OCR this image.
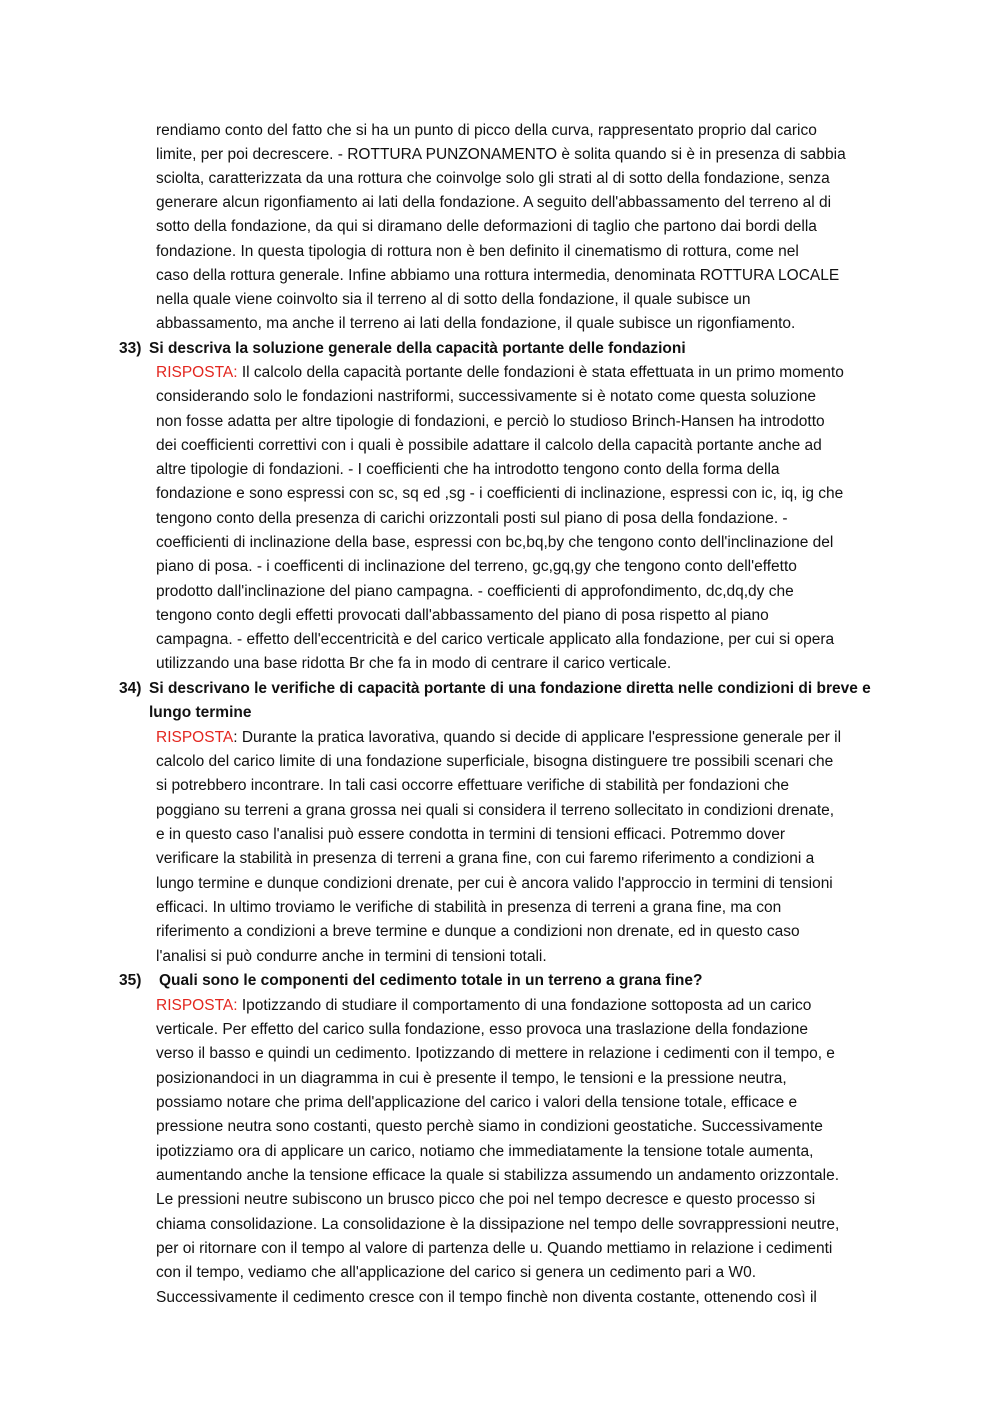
rendiamo conto del fatto che si ha un punto di picco della curva, rappresentato proprio dal carico
limite, per poi decrescere. - ROTTURA PUNZONAMENTO è solita quando si è in presenza di sabbia
sciolta, caratterizzata da una rottura che coinvolge solo gli strati al di sotto della fondazione, senza
generare alcun rigonfiamento ai lati della fondazione. A seguito dell'abbassamento del terreno al di
sotto della fondazione, da qui si diramano delle deformazioni di taglio che partono dai bordi della
fondazione. In questa tipologia di rottura non è ben definito il cinematismo di rottura, come nel
caso della rottura generale. Infine abbiamo una rottura intermedia, denominata ROTTURA LOCALE
nella quale viene coinvolto sia il terreno al di sotto della fondazione, il quale subisce un
abbassamento, ma anche il terreno ai lati della fondazione, il quale subisce un rigonfiamento.
33) Si descriva la soluzione generale della capacità portante delle fondazioni
RISPOSTA: Il calcolo della capacità portante delle fondazioni è stata effettuata in un primo momento
considerando solo le fondazioni nastriformi, successivamente si è notato come questa soluzione
non fosse adatta per altre tipologie di fondazioni, e perciò lo studioso Brinch-Hansen ha introdotto
dei coefficienti correttivi con i quali è possibile adattare il calcolo della capacità portante anche ad
altre tipologie di fondazioni. - I coefficienti che ha introdotto tengono conto della forma della
fondazione e sono espressi con sc, sq ed ,sg - i coefficienti di inclinazione, espressi con ic, iq, ig che
tengono conto della presenza di carichi orizzontali posti sul piano di posa della fondazione. -
coefficienti di inclinazione della base, espressi con bc,bq,by che tengono conto dell'inclinazione del
piano di posa. - i coefficenti di inclinazione del terreno, gc,gq,gy che tengono conto dell'effetto
prodotto dall'inclinazione del piano campagna. - coefficienti di approfondimento, dc,dq,dy che
tengono conto degli effetti provocati dall'abbassamento del piano di posa rispetto al piano
campagna. - effetto dell'eccentricità e del carico verticale applicato alla fondazione, per cui si opera
utilizzando una base ridotta Br che fa in modo di centrare il carico verticale.
34) Si descrivano le verifiche di capacità portante di una fondazione diretta nelle condizioni di breve e
lungo termine
RISPOSTA: Durante la pratica lavorativa, quando si decide di applicare l'espressione generale per il
calcolo del carico limite di una fondazione superficiale, bisogna distinguere tre possibili scenari che
si potrebbero incontrare. In tali casi occorre effettuare verifiche di stabilità per fondazioni che
poggiano su terreni a grana grossa nei quali si considera il terreno sollecitato in condizioni drenate,
e in questo caso l'analisi può essere condotta in termini di tensioni efficaci. Potremmo dover
verificare la stabilità in presenza di terreni a grana fine, con cui faremo riferimento a condizioni a
lungo termine e dunque condizioni drenate, per cui è ancora valido l'approccio in termini di tensioni
efficaci. In ultimo troviamo le verifiche di stabilità in presenza di terreni a grana fine, ma con
riferimento a condizioni a breve termine e dunque a condizioni non drenate, ed in questo caso
l'analisi si può condurre anche in termini di tensioni totali.
35) Quali sono le componenti del cedimento totale in un terreno a grana fine?
RISPOSTA: Ipotizzando di studiare il comportamento di una fondazione sottoposta ad un carico
verticale. Per effetto del carico sulla fondazione, esso provoca una traslazione della fondazione
verso il basso e quindi un cedimento. Ipotizzando di mettere in relazione i cedimenti con il tempo, e
posizionandoci in un diagramma in cui è presente il tempo, le tensioni e la pressione neutra,
possiamo notare che prima dell'applicazione del carico i valori della tensione totale, efficace e
pressione neutra sono costanti, questo perchè siamo in condizioni geostatiche. Successivamente
ipotizziamo ora di applicare un carico, notiamo che immediatamente la tensione totale aumenta,
aumentando anche la tensione efficace la quale si stabilizza assumendo un andamento orizzontale.
Le pressioni neutre subiscono un brusco picco che poi nel tempo decresce e questo processo si
chiama consolidazione. La consolidazione è la dissipazione nel tempo delle sovrappressioni neutre,
per oi ritornare con il tempo al valore di partenza delle u. Quando mettiamo in relazione i cedimenti
con il tempo, vediamo che all'applicazione del carico si genera un cedimento pari a W0.
Successivamente il cedimento cresce con il tempo finchè non diventa costante, ottenendo così il
